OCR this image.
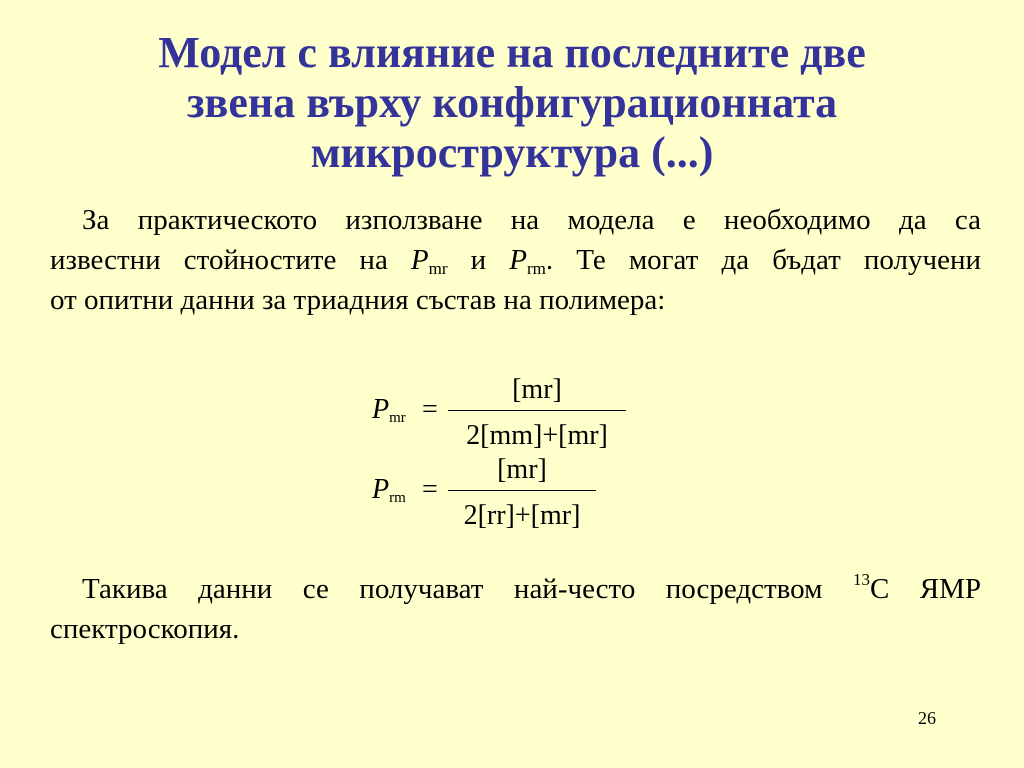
Модел с влияние на последните две
звена върху конфигурационната
микроструктура (...)
За практическото използване на модела е необходимо да са
известни стойностите на $P_{mr}$ и $P_{rm}$. Те могат да бъдат получени
от опитни данни за триадния състав на полимера:
Pmr =
[mr]
2[mm]+[mr]
Prm =
[mr]
2[rr]+[mr]
Такива данни се получават най-често посредством $^{13}$C ЯМР
спектроскопия.
26
